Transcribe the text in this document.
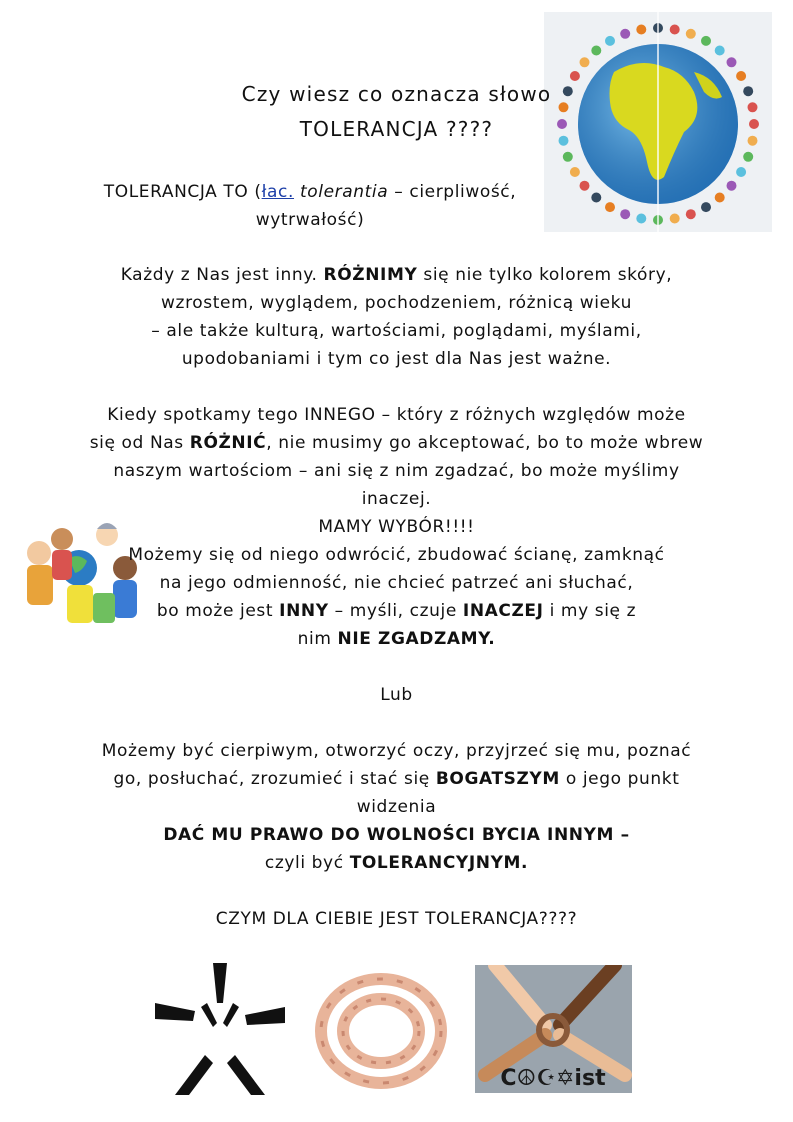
Czy wiesz co oznacza słowo
TOLERANCJA ????
TOLERANCJA TO (łac. tolerantia – cierpliwość,
wytrwałość)
Każdy z Nas jest inny. RÓŻNIMY się nie tylko kolorem skóry,
wzrostem, wyglądem, pochodzeniem, różnicą wieku
– ale także kulturą, wartościami, poglądami, myślami,
upodobaniami i tym co jest dla Nas jest ważne.
Kiedy spotkamy tego INNEGO – który z różnych względów może
się od Nas RÓŻNIĆ, nie musimy go akceptować, bo to może wbrew
naszym wartościom – ani się z nim zgadzać, bo może myślimy
inaczej.
MAMY WYBÓR!!!!
Możemy się od niego odwrócić, zbudować ścianę, zamknąć
na jego odmienność, nie chcieć patrzeć ani słuchać,
bo może jest INNY – myśli, czuje INACZEJ i my się z
nim NIE ZGADZAMY.
Lub
Możemy być cierpiwym, otworzyć oczy, przyjrzeć się mu, poznać
go, posłuchać, zrozumieć i stać się BOGATSZYM o jego punkt
widzenia
DAĆ MU PRAWO DO WOLNOŚCI BYCIA INNYM –
czyli być TOLERANCYJNYM.
CZYM DLA CIEBIE JEST TOLERANCJA????
C☮☪✡ist
